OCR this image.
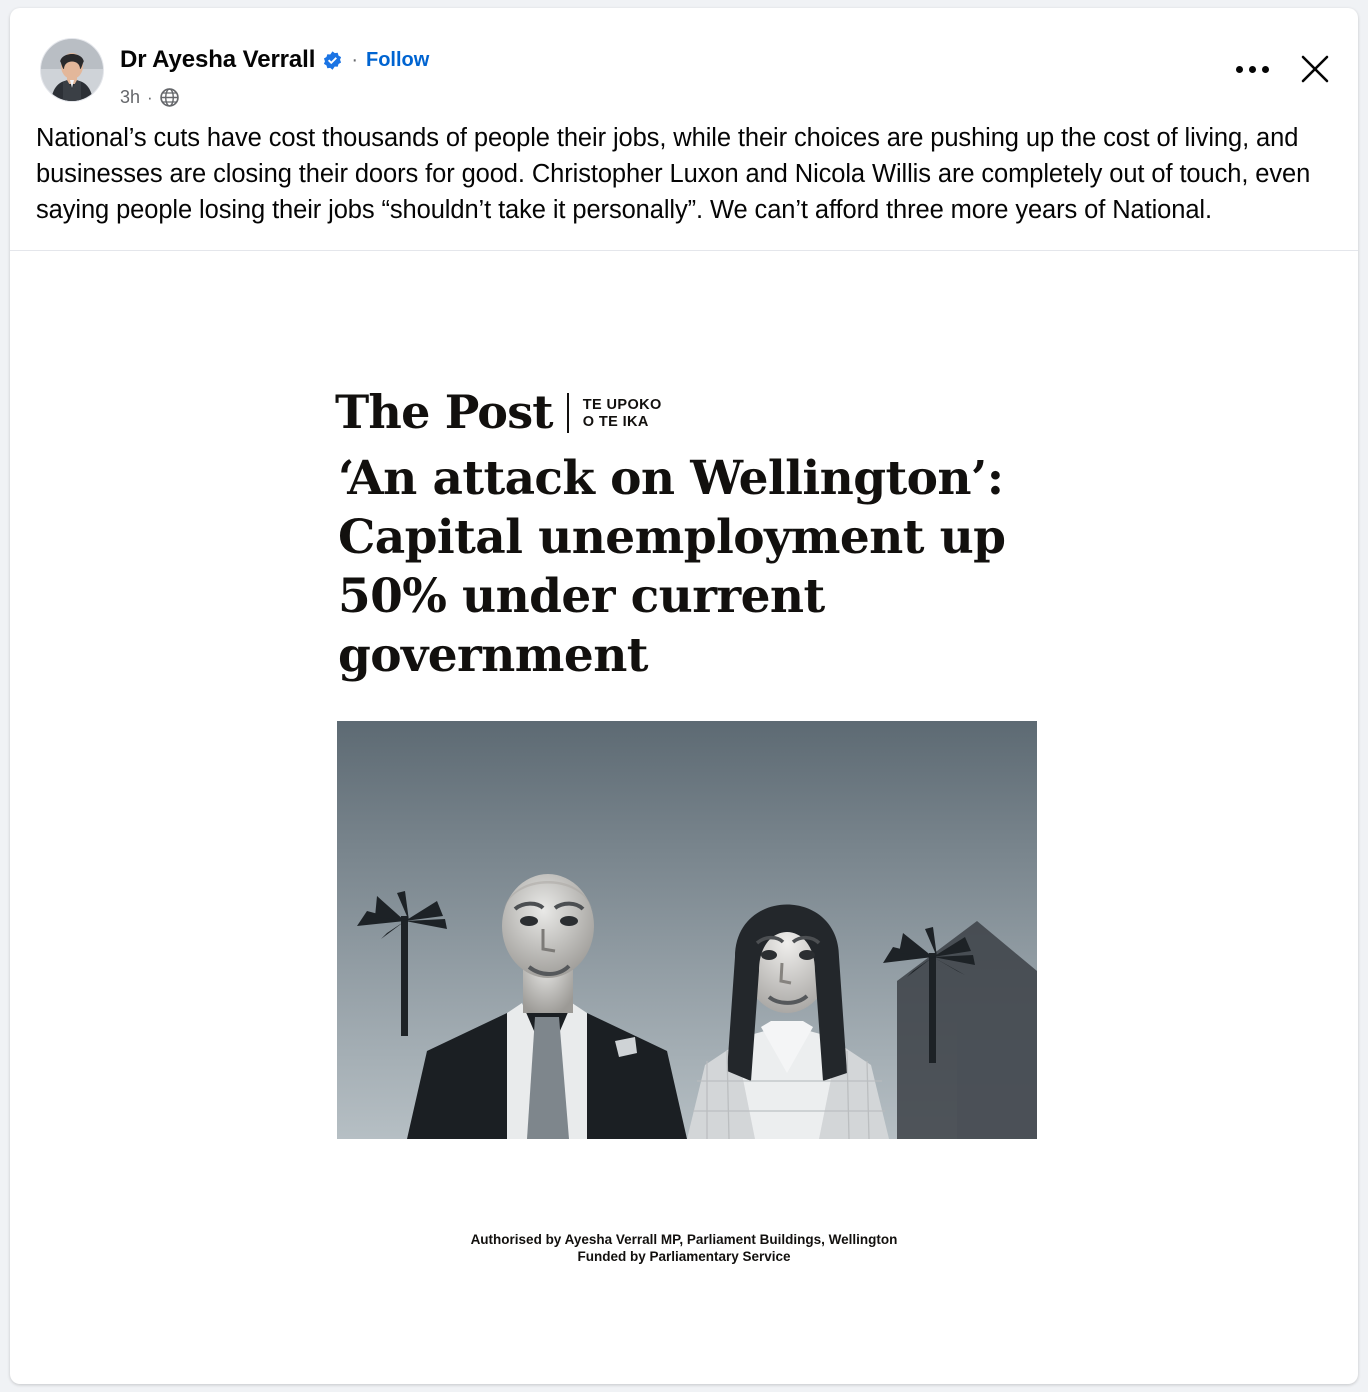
Dr Ayesha Verrall · Follow
3h ·
National’s cuts have cost thousands of people their jobs, while their choices are pushing up the cost of living, and businesses are closing their doors for good. Christopher Luxon and Nicola Willis are completely out of touch, even saying people losing their jobs “shouldn’t take it personally”. We can’t afford three more years of National.
The Post TE UPOKO
O TE IKA
‘An attack on Wellington’: Capital unemployment up 50% under current government
Authorised by Ayesha Verrall MP, Parliament Buildings, Wellington
Funded by Parliamentary Service
